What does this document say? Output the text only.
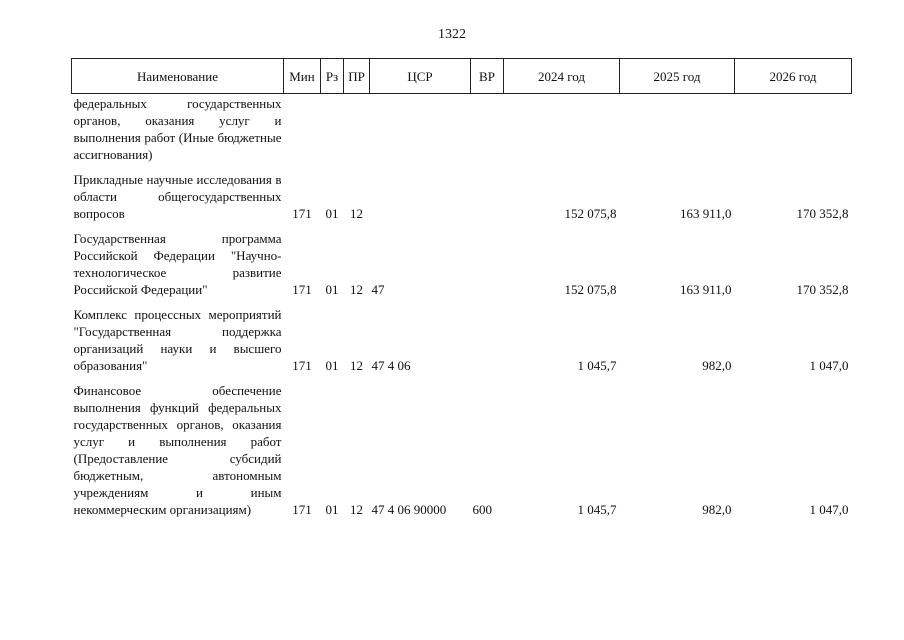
1322
Наименование	Мин	Рз	ПР	ЦСР	ВР	2024 год	2025 год	2026 год
федеральных государственных органов, оказания услуг и выполнения работ (Иные бюджетные ассигнования)								

Прикладные научные исследования в области общегосударственных вопросов	171	01	12			152 075,8	163 911,0	170 352,8

Государственная программа Российской Федерации "Научно-технологическое развитие Российской Федерации"	171	01	12	47		152 075,8	163 911,0	170 352,8

Комплекс процессных мероприятий "Государственная поддержка организаций науки и высшего образования"	171	01	12	47 4 06		1 045,7	982,0	1 047,0

Финансовое обеспечение выполнения функций федеральных государственных органов, оказания услуг и выполнения работ (Предоставление субсидий бюджетным, автономным учреждениям и иным некоммерческим организациям)	171	01	12	47 4 06 90000	600	1 045,7	982,0	1 047,0
